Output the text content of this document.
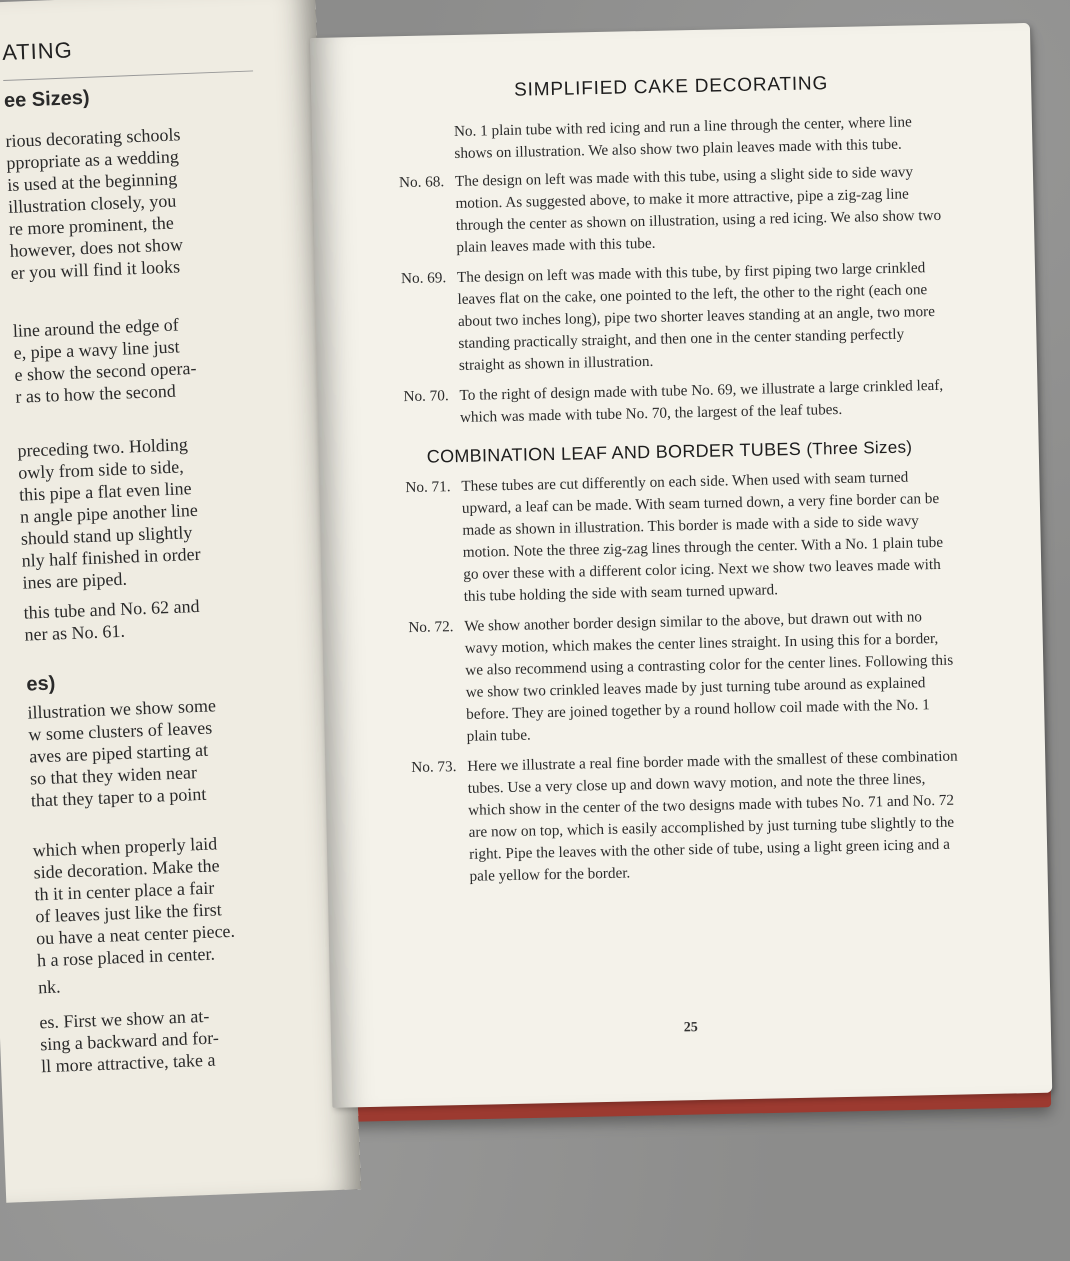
ATING
ee Sizes)
rious decorating schools
ppropriate as a wedding
is used at the beginning
illustration closely, you
re more prominent, the
however, does not show
er you will find it looks
line around the edge of
e, pipe a wavy line just
e show the second opera-
r as to how the second
preceding two. Holding
owly from side to side,
this pipe a flat even line
n angle pipe another line
should stand up slightly
nly half finished in order
ines are piped.
this tube and No. 62 and
ner as No. 61.
es)
illustration we show some
w some clusters of leaves
aves are piped starting at
so that they widen near
that they taper to a point
which when properly laid
side decoration. Make the
th it in center place a fair
of leaves just like the first
ou have a neat center piece.
h a rose placed in center.
nk.
es. First we show an at-
sing a backward and for-
ll more attractive, take a
SIMPLIFIED CAKE DECORATING
No. 1 plain tube with red icing and run a line through the center, where line shows on illustration. We also show two plain leaves made with this tube.
No. 68. The design on left was made with this tube, using a slight side to side wavy motion. As suggested above, to make it more attractive, pipe a zig-zag line through the center as shown on illustration, using a red icing. We also show two plain leaves made with this tube.
No. 69. The design on left was made with this tube, by first piping two large crinkled leaves flat on the cake, one pointed to the left, the other to the right (each one about two inches long), pipe two shorter leaves standing at an angle, two more standing practically straight, and then one in the center standing perfectly straight as shown in illustration.
No. 70. To the right of design made with tube No. 69, we illustrate a large crinkled leaf, which was made with tube No. 70, the largest of the leaf tubes.
COMBINATION LEAF AND BORDER TUBES (Three Sizes)
No. 71. These tubes are cut differently on each side. When used with seam turned upward, a leaf can be made. With seam turned down, a very fine border can be made as shown in illustration. This border is made with a side to side wavy motion. Note the three zig-zag lines through the center. With a No. 1 plain tube go over these with a different color icing. Next we show two leaves made with this tube holding the side with seam turned upward.
No. 72. We show another border design similar to the above, but drawn out with no wavy motion, which makes the center lines straight. In using this for a border, we also recommend using a contrasting color for the center lines. Following this we show two crinkled leaves made by just turning tube around as explained before. They are joined together by a round hollow coil made with the No. 1 plain tube.
No. 73. Here we illustrate a real fine border made with the smallest of these combination tubes. Use a very close up and down wavy motion, and note the three lines, which show in the center of the two designs made with tubes No. 71 and No. 72 are now on top, which is easily accomplished by just turning tube slightly to the right. Pipe the leaves with the other side of tube, using a light green icing and a pale yellow for the border.
25
